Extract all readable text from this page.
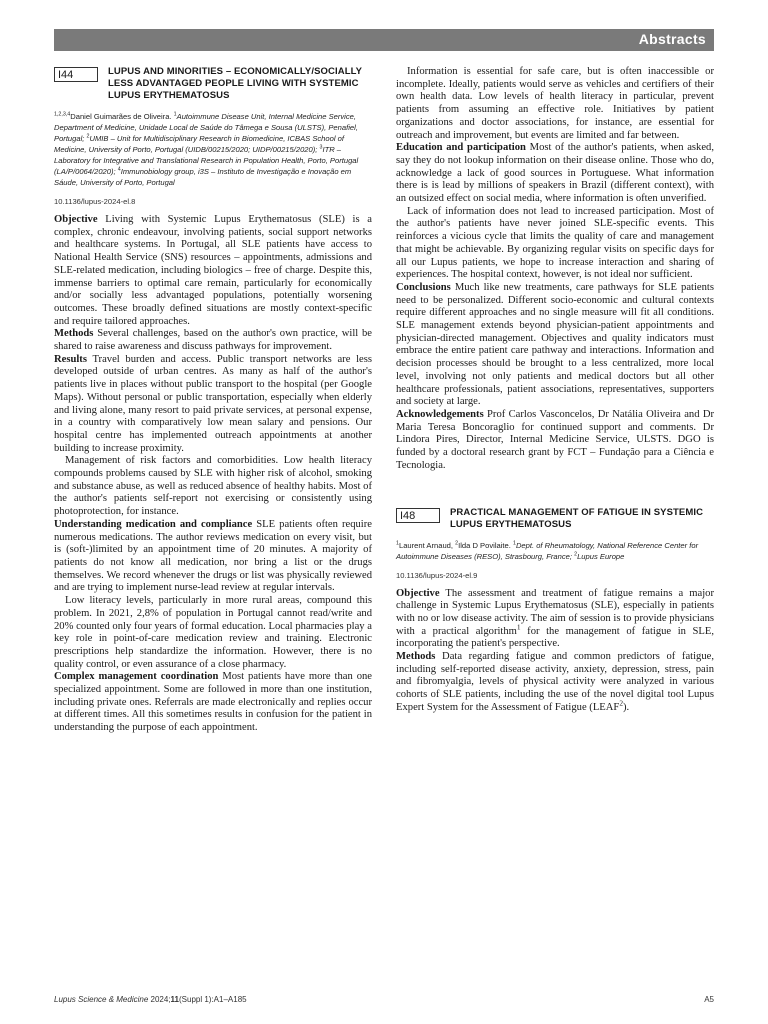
Abstracts
I44	LUPUS AND MINORITIES – ECONOMICALLY/SOCIALLY LESS ADVANTAGED PEOPLE LIVING WITH SYSTEMIC LUPUS ERYTHEMATOSUS
$^{1,2,3,4}$Daniel Guimarães de Oliveira. $^1$Autoimmune Disease Unit, Internal Medicine Service, Department of Medicine, Unidade Local de Saúde do Tâmega e Sousa (ULSTS), Penafiel, Portugal; $^2$UMIB – Unit for Multidisciplinary Research in Biomedicine, ICBAS School of Medicine, University of Porto, Portugal (UIDB/00215/2020; UIDP/00215/2020); $^3$ITR – Laboratory for Integrative and Translational Research in Population Health, Porto, Portugal (LA/P/0064/2020); $^4$Immunobiology group, i3S – Instituto de Investigação e Inovação em Sáude, University of Porto, Portugal
10.1136/lupus-2024-el.8

Objective Living with Systemic Lupus Erythematosus (SLE) is a complex, chronic endeavour, involving patients, social support networks and healthcare systems. In Portugal, all SLE patients have access to National Health Service (SNS) resources – appointments, admissions and SLE-related medication, including biologics – free of charge. Despite this, immense barriers to optimal care remain, particularly for economically and/or socially less advantaged populations, potentially worsening outcomes. These broadly defined situations are mostly context-specific and require tailored approaches.

Methods Several challenges, based on the author's own practice, will be shared to raise awareness and discuss pathways for improvement.

Results Travel burden and access. Public transport networks are less developed outside of urban centres. As many as half of the author's patients live in places without public transport to the hospital (per Google Maps). Without personal or public transportation, especially when elderly and living alone, many resort to paid private services, at personal expense, in a country with comparatively low mean salary and pensions. Our hospital centre has implemented outreach appointments at another building to increase proximity.

Management of risk factors and comorbidities. Low health literacy compounds problems caused by SLE with higher risk of alcohol, smoking and substance abuse, as well as reduced absence of healthy habits. Most of the author's patients self-report not exercising or consistently using photoprotection, for instance.

Understanding medication and compliance SLE patients often require numerous medications. The author reviews medication on every visit, but is (soft-)limited by an appointment time of 20 minutes. A majority of patients do not know all medication, nor bring a list or the drugs themselves. We record whenever the drugs or list was physically reviewed and are trying to implement nurse-lead review at regular intervals.

Low literacy levels, particularly in more rural areas, compound this problem. In 2021, 2,8% of population in Portugal cannot read/write and 20% counted only four years of formal education. Local pharmacies play a key role in point-of-care medication review and training. Electronic prescriptions help standardize the information. However, there is no quality control, or even assurance of a close pharmacy.

Complex management coordination Most patients have more than one specialized appointment. Some are followed in more than one institution, including private ones. Referrals are made electronically and replies occur at different times. All this sometimes results in confusion for the patient in understanding the purpose of each appointment.

Information is essential for safe care, but is often inaccessible or incomplete. Ideally, patients would serve as vehicles and certifiers of their own health data. Low levels of health literacy in particular, prevent patients from assuming an effective role. Initiatives by patient organizations and doctor associations, for instance, are essential for outreach and improvement, but events are limited and far between.

Education and participation Most of the author's patients, when asked, say they do not lookup information on their disease online. Those who do, acknowledge a lack of good sources in Portuguese. What information there is is lead by millions of speakers in Brazil (different context), with an outsized effect on social media, where information is often unverified.

Lack of information does not lead to increased participation. Most of the author's patients have never joined SLE-specific events. This reinforces a vicious cycle that limits the quality of care and management that might be achievable. By organizing regular visits on specific days for all our Lupus patients, we hope to increase interaction and sharing of experiences. The hospital context, however, is not ideal nor sufficient.

Conclusions Much like new treatments, care pathways for SLE patients need to be personalized. Different socio-economic and cultural contexts require different approaches and no single measure will fit all conditions. SLE management extends beyond physician-patient appointments and physician-directed management. Objectives and quality indicators must embrace the entire patient care pathway and interactions. Information and decision processes should be brought to a less centralized, more local level, involving not only patients and medical doctors but all other healthcare professionals, patient associations, representatives, supporters and society at large.

Acknowledgements Prof Carlos Vasconcelos, Dr Natália Oliveira and Dr Maria Teresa Boncoraglio for continued support and comments. Dr Lindora Pires, Director, Internal Medicine Service, ULSTS. DGO is funded by a doctoral research grant by FCT – Fundação para a Ciência e Tecnologia.

I48	PRACTICAL MANAGEMENT OF FATIGUE IN SYSTEMIC LUPUS ERYTHEMATOSUS
$^1$Laurent Arnaud, $^2$Ilda D Povilaite. $^1$Dept. of Rheumatology, National Reference Center for Autoimmune Diseases (RESO), Strasbourg, France; $^2$Lupus Europe
10.1136/lupus-2024-el.9

Objective The assessment and treatment of fatigue remains a major challenge in Systemic Lupus Erythematosus (SLE), especially in patients with no or low disease activity. The aim of session is to provide physicians with a practical algorithm$^1$ for the management of fatigue in SLE, incorporating the patient's perspective.

Methods Data regarding fatigue and common predictors of fatigue, including self-reported disease activity, anxiety, depression, stress, pain and fibromyalgia, levels of physical activity were analyzed in various cohorts of SLE patients, including the use of the novel digital tool Lupus Expert System for the Assessment of Fatigue (LEAF$^2$).

Lupus Science & Medicine 2024;11(Suppl 1):A1–A185	A5
